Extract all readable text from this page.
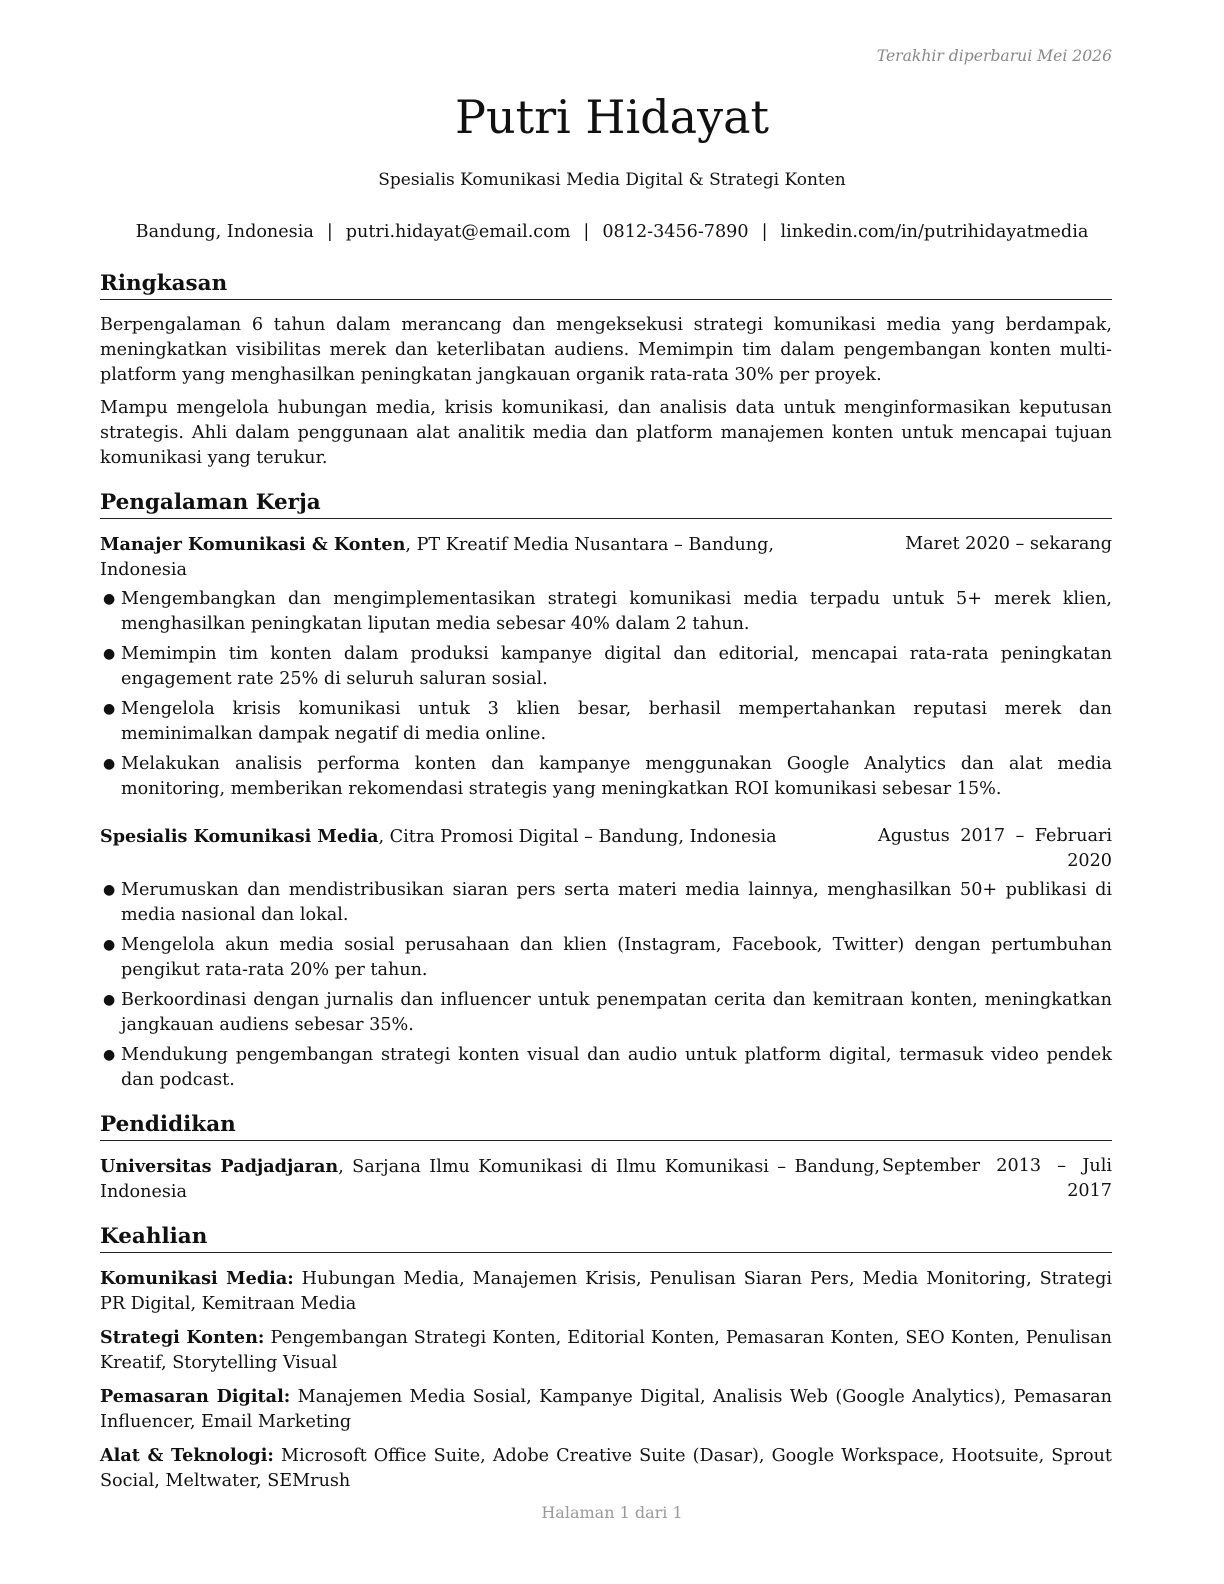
Terakhir diperbarui Mei 2026
Putri Hidayat
Spesialis Komunikasi Media Digital & Strategi Konten
Bandung, Indonesia | putri.hidayat@email.com | 0812-3456-7890 | linkedin.com/in/putrihidayatmedia
Ringkasan

Berpengalaman 6 tahun dalam merancang dan mengeksekusi strategi komunikasi media yang berdampak, meningkatkan visibilitas merek dan keterlibatan audiens. Memimpin tim dalam pengembangan konten multi-platform yang menghasilkan peningkatan jangkauan organik rata-rata 30% per proyek.

Mampu mengelola hubungan media, krisis komunikasi, dan analisis data untuk menginformasikan keputusan strategis. Ahli dalam penggunaan alat analitik media dan platform manajemen konten untuk mencapai tujuan komunikasi yang terukur.

Pengalaman Kerja
Manajer Komunikasi & Konten, PT Kreatif Media Nusantara – Bandung, Indonesia
Maret 2020 – sekarang
● Mengembangkan dan mengimplementasikan strategi komunikasi media terpadu untuk 5+ merek klien, menghasilkan peningkatan liputan media sebesar 40% dalam 2 tahun.
● Memimpin tim konten dalam produksi kampanye digital dan editorial, mencapai rata-rata peningkatan engagement rate 25% di seluruh saluran sosial.
● Mengelola krisis komunikasi untuk 3 klien besar, berhasil mempertahankan reputasi merek dan meminimalkan dampak negatif di media online.
● Melakukan analisis performa konten dan kampanye menggunakan Google Analytics dan alat media monitoring, memberikan rekomendasi strategis yang meningkatkan ROI komunikasi sebesar 15%.
Spesialis Komunikasi Media, Citra Promosi Digital – Bandung, Indonesia	Agustus 2017 – Februari 2020
● Merumuskan dan mendistribusikan siaran pers serta materi media lainnya, menghasilkan 50+ publikasi di media nasional dan lokal.
● Mengelola akun media sosial perusahaan dan klien (Instagram, Facebook, Twitter) dengan pertumbuhan pengikut rata-rata 20% per tahun.
● Berkoordinasi dengan jurnalis dan influencer untuk penempatan cerita dan kemitraan konten, meningkatkan jangkauan audiens sebesar 35%.
● Mendukung pengembangan strategi konten visual dan audio untuk platform digital, termasuk video pendek dan podcast.
Pendidikan
Universitas Padjadjaran, Sarjana Ilmu Komunikasi di Ilmu Komunikasi – Bandung, Indonesia
September 2013 – Juli 2017
Keahlian

Komunikasi Media: Hubungan Media, Manajemen Krisis, Penulisan Siaran Pers, Media Monitoring, Strategi PR Digital, Kemitraan Media

Strategi Konten: Pengembangan Strategi Konten, Editorial Konten, Pemasaran Konten, SEO Konten, Penulisan Kreatif, Storytelling Visual

Pemasaran Digital: Manajemen Media Sosial, Kampanye Digital, Analisis Web (Google Analytics), Pemasaran Influencer, Email Marketing

Alat & Teknologi: Microsoft Office Suite, Adobe Creative Suite (Dasar), Google Workspace, Hootsuite, Sprout Social, Meltwater, SEMrush

Halaman 1 dari 1
